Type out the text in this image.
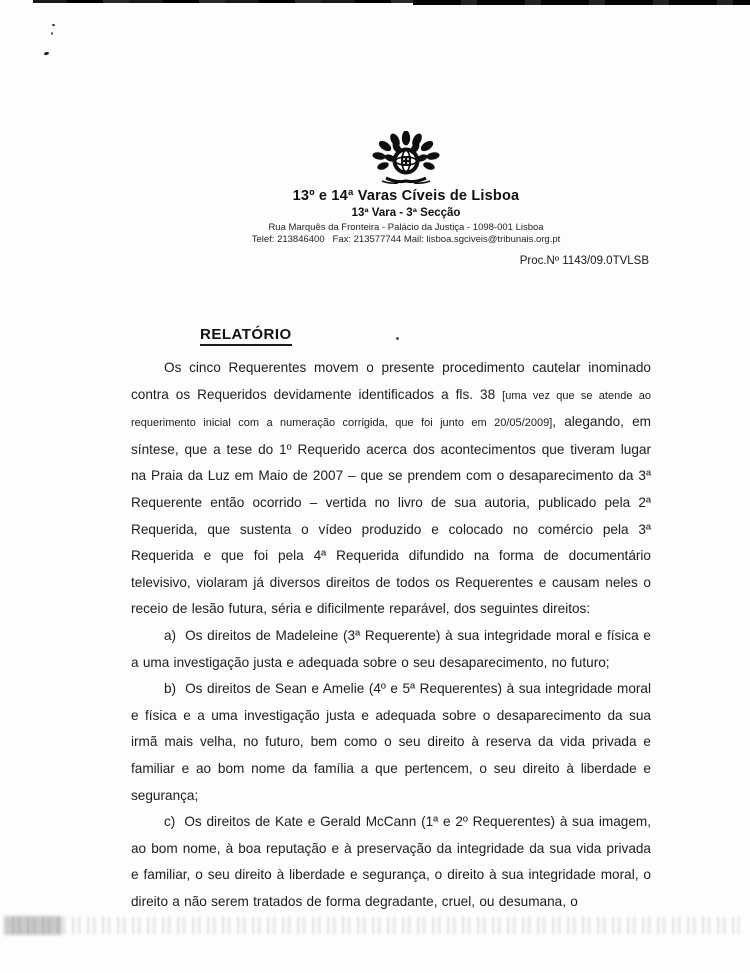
13º e 14ª Varas Cíveis de Lisboa
13ª Vara - 3ª Secção
Rua Marquês da Fronteira - Palácio da Justiça - 1098-001 Lisboa
Telef: 213846400   Fax: 213577744 Mail: lisboa.sgciveis@tribunais.org.pt
Proc.Nº 1143/09.0TVLSB
RELATÓRIO

Os cinco Requerentes movem o presente procedimento cautelar inominado contra os Requeridos devidamente identificados a fls. 38 [uma vez que se atende ao requerimento inicial com a numeração corrigida, que foi junto em 20/05/2009], alegando, em síntese, que a tese do 1º Requerido acerca dos acontecimentos que tiveram lugar na Praia da Luz em Maio de 2007 – que se prendem com o desaparecimento da 3ª Requerente então ocorrido – vertida no livro de sua autoria, publicado pela 2ª Requerida, que sustenta o vídeo produzido e colocado no comércio pela 3ª Requerida e que foi pela 4ª Requerida difundido na forma de documentário televisivo, violaram já diversos direitos de todos os Requerentes e causam neles o receio de lesão futura, séria e dificilmente reparável, dos seguintes direitos:

a) Os direitos de Madeleine (3ª Requerente) à sua integridade moral e física e a uma investigação justa e adequada sobre o seu desaparecimento, no futuro;

b) Os direitos de Sean e Amelie (4º e 5ª Requerentes) à sua integridade moral e física e a uma investigação justa e adequada sobre o desaparecimento da sua irmã mais velha, no futuro, bem como o seu direito à reserva da vida privada e familiar e ao bom nome da família a que pertencem, o seu direito à liberdade e segurança;

c) Os direitos de Kate e Gerald McCann (1ª e 2º Requerentes) à sua imagem, ao bom nome, à boa reputação e à preservação da integridade da sua vida privada e familiar, o seu direito à liberdade e segurança, o direito à sua integridade moral, o direito a não serem tratados de forma degradante, cruel, ou desumana, o
